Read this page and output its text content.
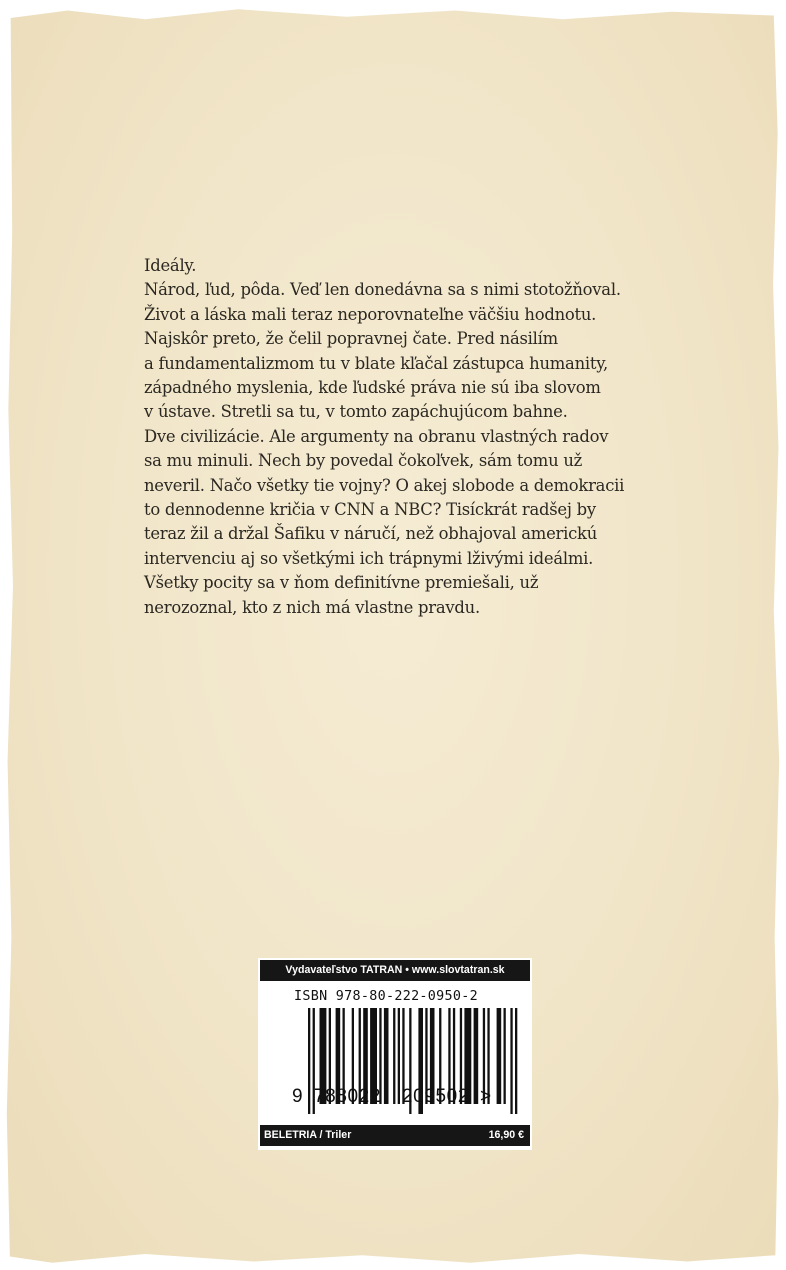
Ideály.
Národ, ľud, pôda. Veď len donedávna sa s nimi stotožňoval.
Život a láska mali teraz neporovnateľne väčšiu hodnotu.
Najskôr preto, že čelil popravnej čate. Pred násilím
a fundamentalizmom tu v blate kľačal zástupca humanity,
západného myslenia, kde ľudské práva nie sú iba slovom
v ústave. Stretli sa tu, v tomto zapáchujúcom bahne.
Dve civilizácie. Ale argumenty na obranu vlastných radov
sa mu minuli. Nech by povedal čokoľvek, sám tomu už
neveril. Načo všetky tie vojny? O akej slobode a demokracii
to dennodenne kričia v CNN a NBC? Tisíckrát radšej by
teraz žil a držal Šafiku v náručí, než obhajoval americkú
intervenciu aj so všetkými ich trápnymi lživými ideálmi.
Všetky pocity sa v ňom definitívne premiešali, už
nerozoznal, kto z nich má vlastne pravdu.
Vydavateľstvo TATRAN • www.slovtatran.sk
ISBN 978-80-222-0950-2
9 788022 209502 >
BELETRIA / Triler	16,90 €
